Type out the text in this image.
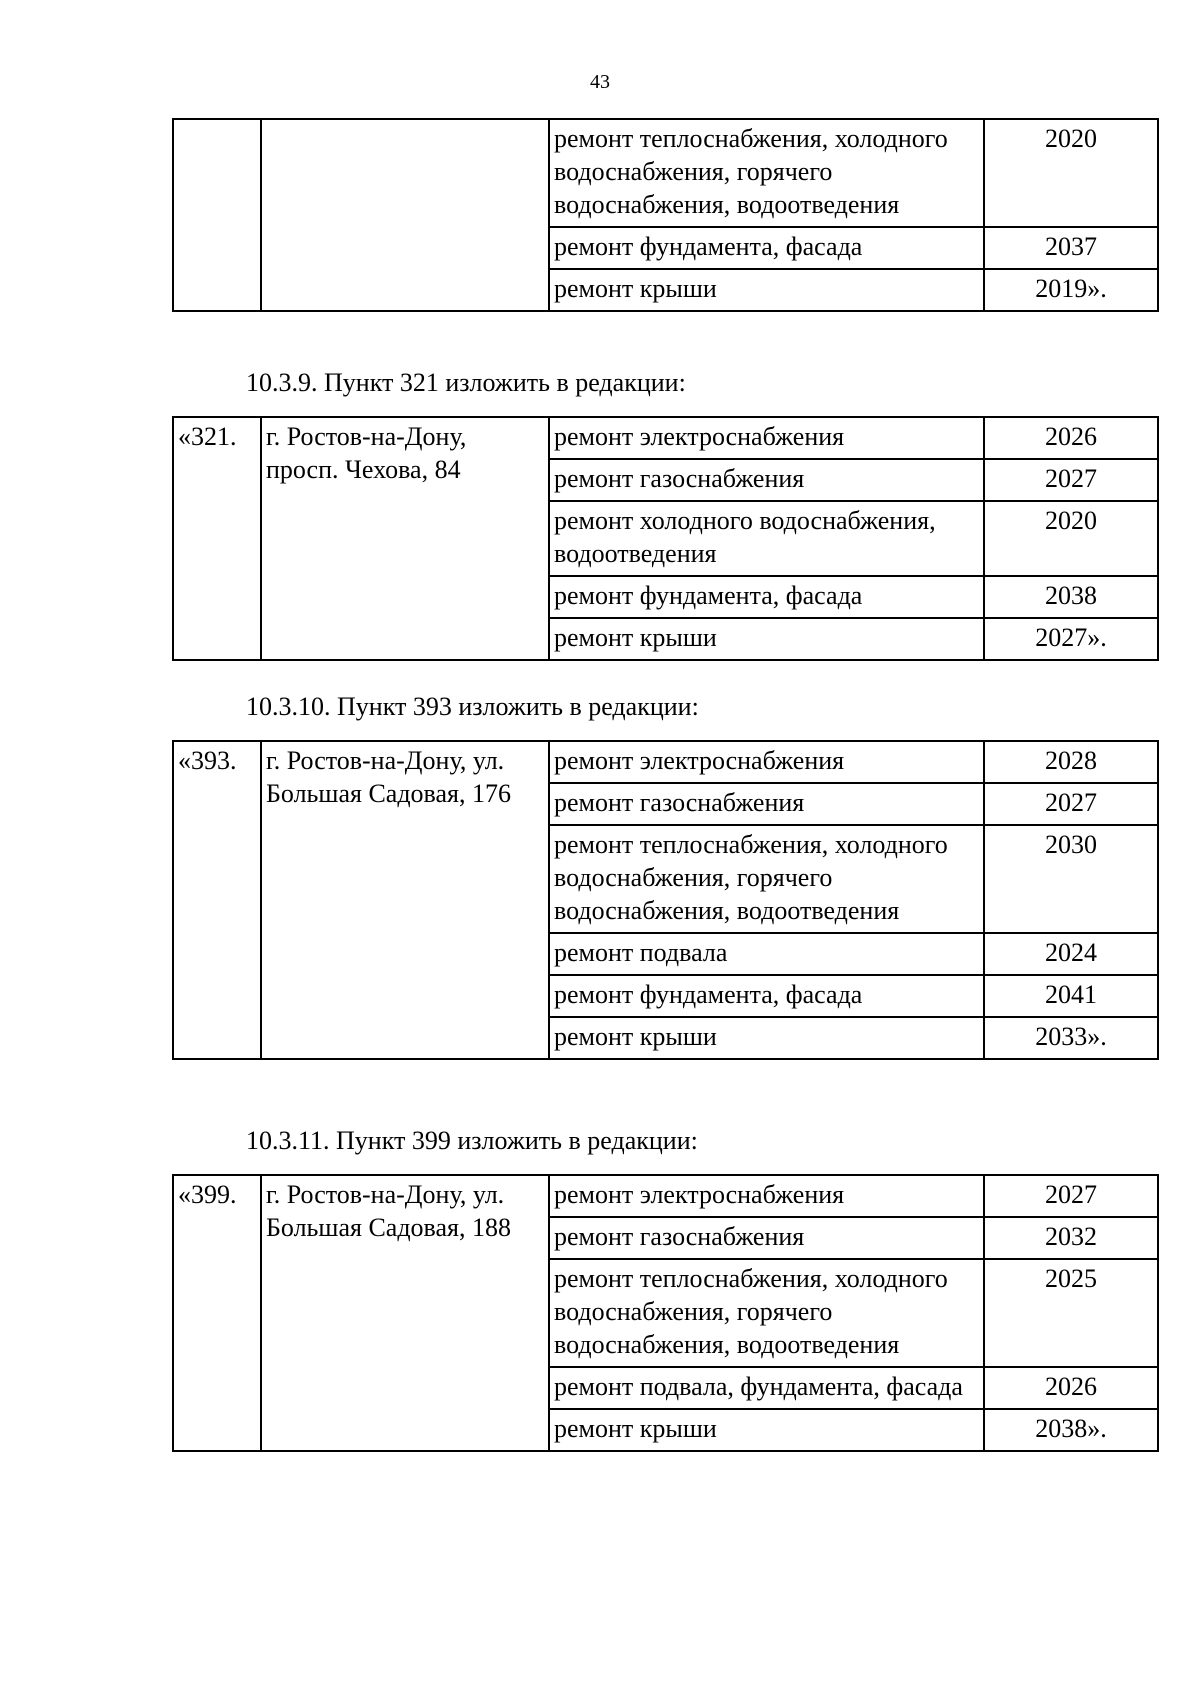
43
		ремонт теплоснабжения, холодного водоснабжения, горячего водоснабжения, водоотведения	2020
		ремонт фундамента, фасада	2037
		ремонт крыши	2019».
10.3.9. Пункт 321 изложить в редакции:
«321.	г. Ростов-на-Дону, просп. Чехова, 84	ремонт электроснабжения	2026
		ремонт газоснабжения	2027
		ремонт холодного водоснабжения, водоотведения	2020
		ремонт фундамента, фасада	2038
		ремонт крыши	2027».
10.3.10. Пункт 393 изложить в редакции:
«393.	г. Ростов-на-Дону, ул. Большая Садовая, 176	ремонт электроснабжения	2028
		ремонт газоснабжения	2027
		ремонт теплоснабжения, холодного водоснабжения, горячего водоснабжения, водоотведения	2030
		ремонт подвала	2024
		ремонт фундамента, фасада	2041
		ремонт крыши	2033».
10.3.11. Пункт 399 изложить в редакции:
«399.	г. Ростов-на-Дону, ул. Большая Садовая, 188	ремонт электроснабжения	2027
		ремонт газоснабжения	2032
		ремонт теплоснабжения, холодного водоснабжения, горячего водоснабжения, водоотведения	2025
		ремонт подвала, фундамента, фасада	2026
		ремонт крыши	2038».
